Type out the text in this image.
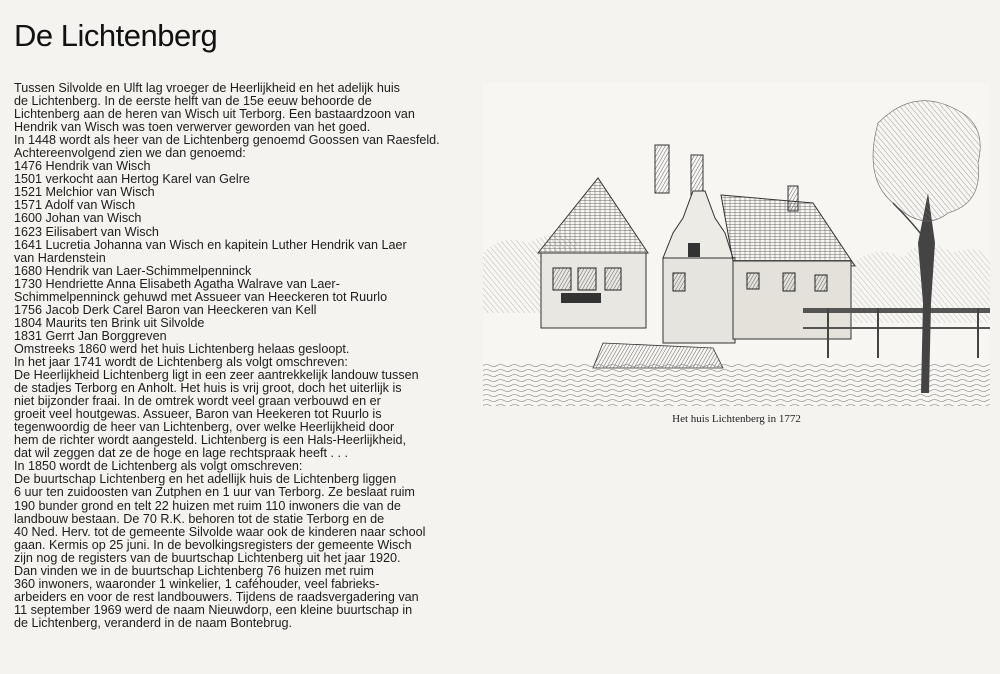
De Lichtenberg
Tussen Silvolde en Ulft lag vroeger de Heerlijkheid en het adelijk huis
de Lichtenberg. In de eerste helft van de 15e eeuw behoorde de
Lichtenberg aan de heren van Wisch uit Terborg. Een bastaardzoon van
Hendrik van Wisch was toen verwerver geworden van het goed.
In 1448 wordt als heer van de Lichtenberg genoemd Goossen van Raesfeld.
Achtereenvolgend zien we dan genoemd:
1476 Hendrik van Wisch
1501 verkocht aan Hertog Karel van Gelre
1521 Melchior van Wisch
1571 Adolf van Wisch
1600 Johan van Wisch
1623 Eilisabert van Wisch
1641 Lucretia Johanna van Wisch en kapitein Luther Hendrik van Laer
van Hardenstein
1680 Hendrik van Laer-Schimmelpenninck
1730 Hendriette Anna Elisabeth Agatha Walrave van Laer-
Schimmelpenninck gehuwd met Assueer van Heeckeren tot Ruurlo
1756 Jacob Derk Carel Baron van Heeckeren van Kell
1804 Maurits ten Brink uit Silvolde
1831 Gerrt Jan Borggreven
Omstreeks 1860 werd het huis Lichtenberg helaas gesloopt.
In het jaar 1741 wordt de Lichtenberg als volgt omschreven:
De Heerlijkheid Lichtenberg ligt in een zeer aantrekkelijk landouw tussen
de stadjes Terborg en Anholt. Het huis is vrij groot, doch het uiterlijk is
niet bijzonder fraai. In de omtrek wordt veel graan verbouwd en er
groeit veel houtgewas. Assueer, Baron van Heekeren tot Ruurlo is
tegenwoordig de heer van Lichtenberg, over welke Heerlijkheid door
hem de richter wordt aangesteld. Lichtenberg is een Hals-Heerlijkheid,
dat wil zeggen dat ze de hoge en lage rechtspraak heeft . . .
In 1850 wordt de Lichtenberg als volgt omschreven:
De buurtschap Lichtenberg en het adellijk huis de Lichtenberg liggen
6 uur ten zuidoosten van Zutphen en 1 uur van Terborg. Ze beslaat ruim
190 bunder grond en telt 22 huizen met ruim 110 inwoners die van de
landbouw bestaan. De 70 R.K. behoren tot de statie Terborg en de
40 Ned. Herv. tot de gemeente Silvolde waar ook de kinderen naar school
gaan. Kermis op 25 juni. In de bevolkingsregisters der gemeente Wisch
zijn nog de registers van de buurtschap Lichtenberg uit het jaar 1920.
Dan vinden we in de buurtschap Lichtenberg 76 huizen met ruim
360 inwoners, waaronder 1 winkelier, 1 caféhouder, veel fabrieks-
arbeiders en voor de rest landbouwers. Tijdens de raadsvergadering van
11 september 1969 werd de naam Nieuwdorp, een kleine buurtschap in
de Lichtenberg, veranderd in de naam Bontebrug.
Het huis Lichtenberg in 1772
